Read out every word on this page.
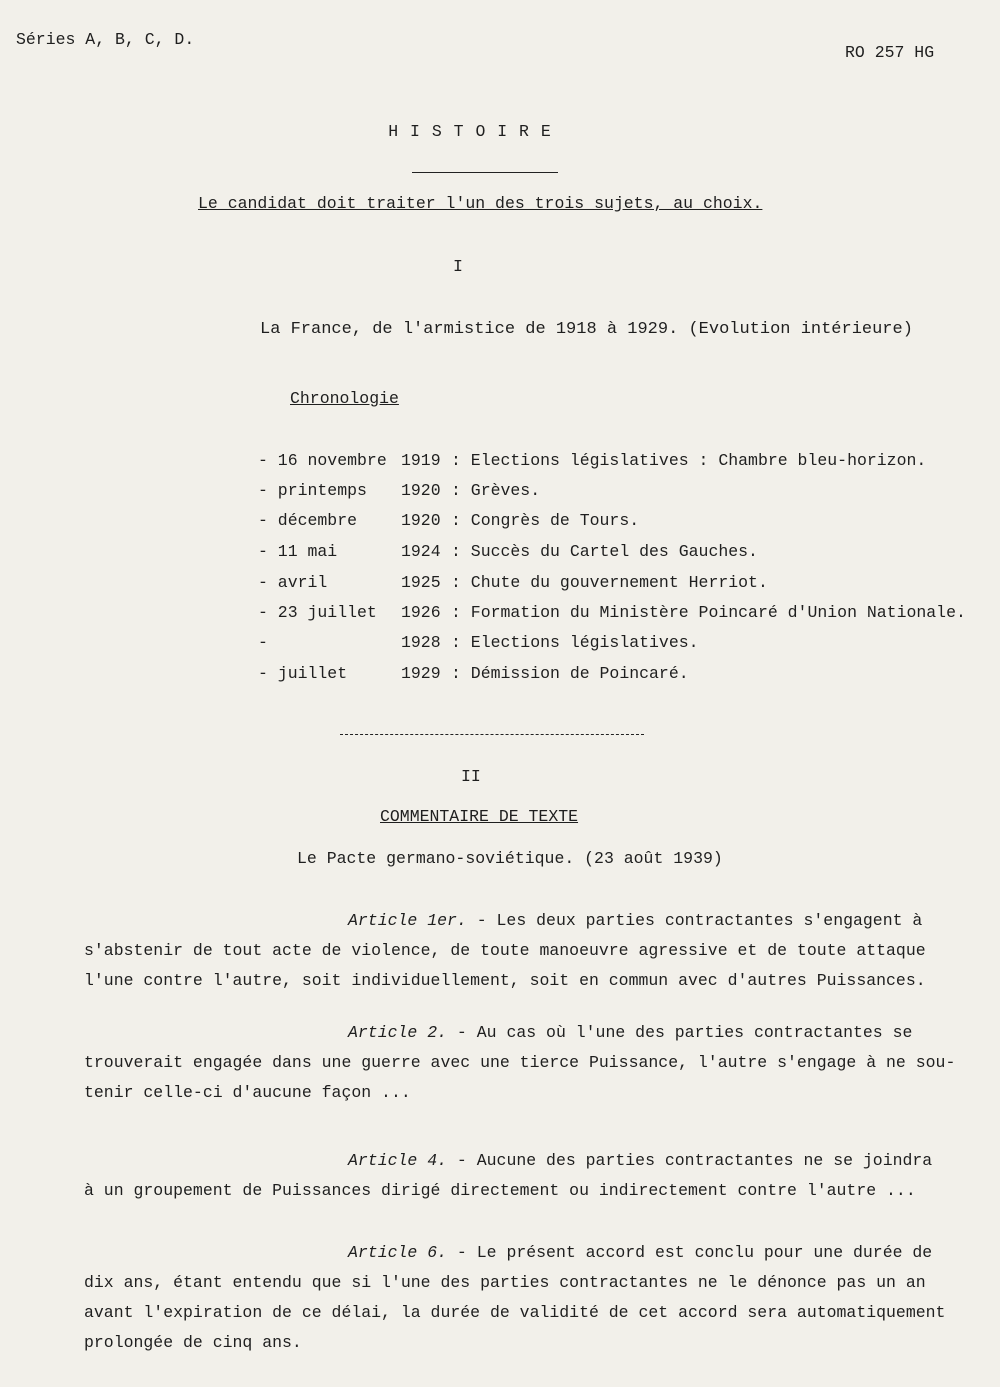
Séries A, B, C, D.
RO 257 HG
H I S T O I R E
Le candidat doit traiter l'un des trois sujets, au choix.
I
La France, de l'armistice de 1918 à 1929. (Evolution intérieure)
Chronologie
- 16 novembre 1919 : Elections législatives : Chambre bleu-horizon.
- printemps 1920 : Grèves.
- décembre	1920 : Congrès de Tours.
- 11 mai	1924 : Succès du Cartel des Gauches.
- avril	1925 : Chute du gouvernement Herriot.
- 23 juillet 1926 : Formation du Ministère Poincaré d'Union Nationale.
-	1928 : Elections législatives.
- juillet	1929 : Démission de Poincaré.
II
COMMENTAIRE DE TEXTE
Le Pacte germano-soviétique. (23 août 1939)
Article 1er. - Les deux parties contractantes s'engagent à
s'abstenir de tout acte de violence, de toute manoeuvre agressive et de toute attaque
l'une contre l'autre, soit individuellement, soit en commun avec d'autres Puissances.
Article 2. - Au cas où l'une des parties contractantes se
trouverait engagée dans une guerre avec une tierce Puissance, l'autre s'engage à ne sou-
tenir celle-ci d'aucune façon ...
Article 4. - Aucune des parties contractantes ne se joindra
à un groupement de Puissances dirigé directement ou indirectement contre l'autre ...
Article 6. - Le présent accord est conclu pour une durée de
dix ans, étant entendu que si l'une des parties contractantes ne le dénonce pas un an
avant l'expiration de ce délai, la durée de validité de cet accord sera automatiquement
prolongée de cinq ans.
